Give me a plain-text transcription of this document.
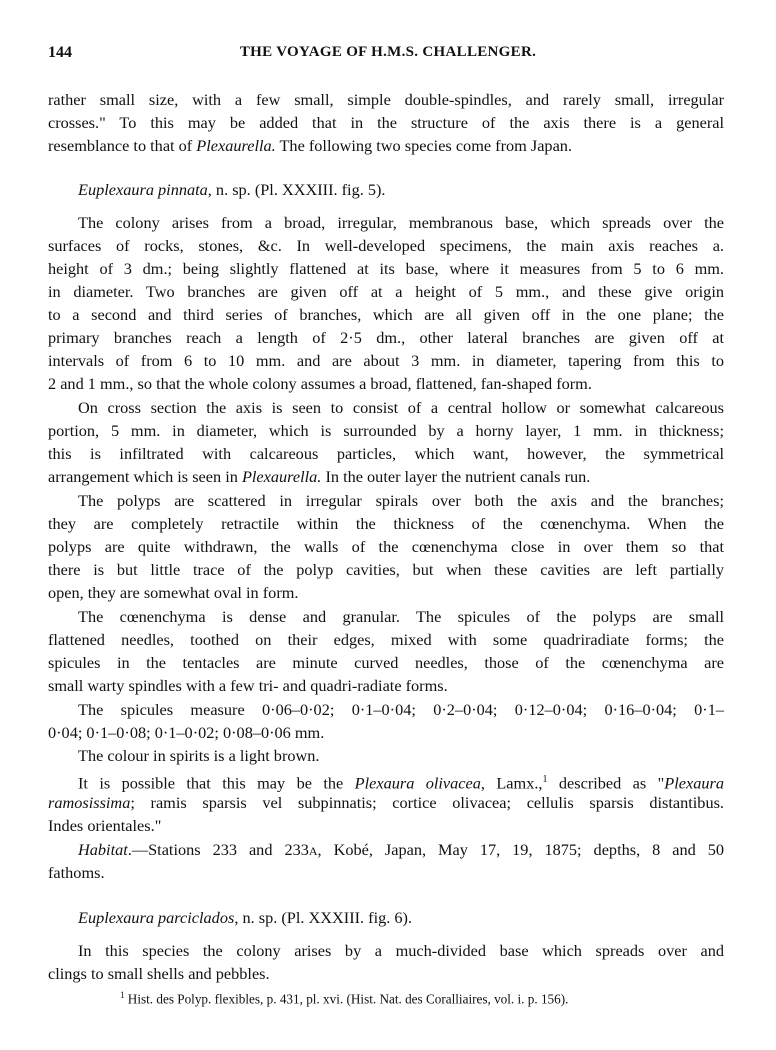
144	THE VOYAGE OF H.M.S. CHALLENGER.
rather small size, with a few small, simple double-spindles, and rarely small, irregular
crosses." To this may be added that in the structure of the axis there is a general
resemblance to that of Plexaurella. The following two species come from Japan.
Euplexaura pinnata, n. sp. (Pl. XXXIII. fig. 5).
The colony arises from a broad, irregular, membranous base, which spreads over the
surfaces of rocks, stones, &c. In well-developed specimens, the main axis reaches a.
height of 3 dm.; being slightly flattened at its base, where it measures from 5 to 6 mm.
in diameter. Two branches are given off at a height of 5 mm., and these give origin
to a second and third series of branches, which are all given off in the one plane; the
primary branches reach a length of 2·5 dm., other lateral branches are given off at
intervals of from 6 to 10 mm. and are about 3 mm. in diameter, tapering from this to
2 and 1 mm., so that the whole colony assumes a broad, flattened, fan-shaped form.
On cross section the axis is seen to consist of a central hollow or somewhat calcareous
portion, 5 mm. in diameter, which is surrounded by a horny layer, 1 mm. in thickness;
this is infiltrated with calcareous particles, which want, however, the symmetrical
arrangement which is seen in Plexaurella. In the outer layer the nutrient canals run.
The polyps are scattered in irregular spirals over both the axis and the branches;
they are completely retractile within the thickness of the cœnenchyma. When the
polyps are quite withdrawn, the walls of the cœnenchyma close in over them so that
there is but little trace of the polyp cavities, but when these cavities are left partially
open, they are somewhat oval in form.
The cœnenchyma is dense and granular. The spicules of the polyps are small
flattened needles, toothed on their edges, mixed with some quadriradiate forms; the
spicules in the tentacles are minute curved needles, those of the cœnenchyma are
small warty spindles with a few tri- and quadri-radiate forms.
The spicules measure 0·06–0·02; 0·1–0·04; 0·2–0·04; 0·12–0·04; 0·16–0·04; 0·1–
0·04; 0·1–0·08; 0·1–0·02; 0·08–0·06 mm.
The colour in spirits is a light brown.
It is possible that this may be the Plexaura olivacea, Lamx.,$^1$ described as "Plexaura
ramosissima; ramis sparsis vel subpinnatis; cortice olivacea; cellulis sparsis distantibus.
Indes orientales."
Habitat.—Stations 233 and 233A, Kobé, Japan, May 17, 19, 1875; depths, 8 and 50
fathoms.
Euplexaura parciclados, n. sp. (Pl. XXXIII. fig. 6).
In this species the colony arises by a much-divided base which spreads over and
clings to small shells and pebbles.
$^1$ Hist. des Polyp. flexibles, p. 431, pl. xvi. (Hist. Nat. des Coralliaires, vol. i. p. 156).
